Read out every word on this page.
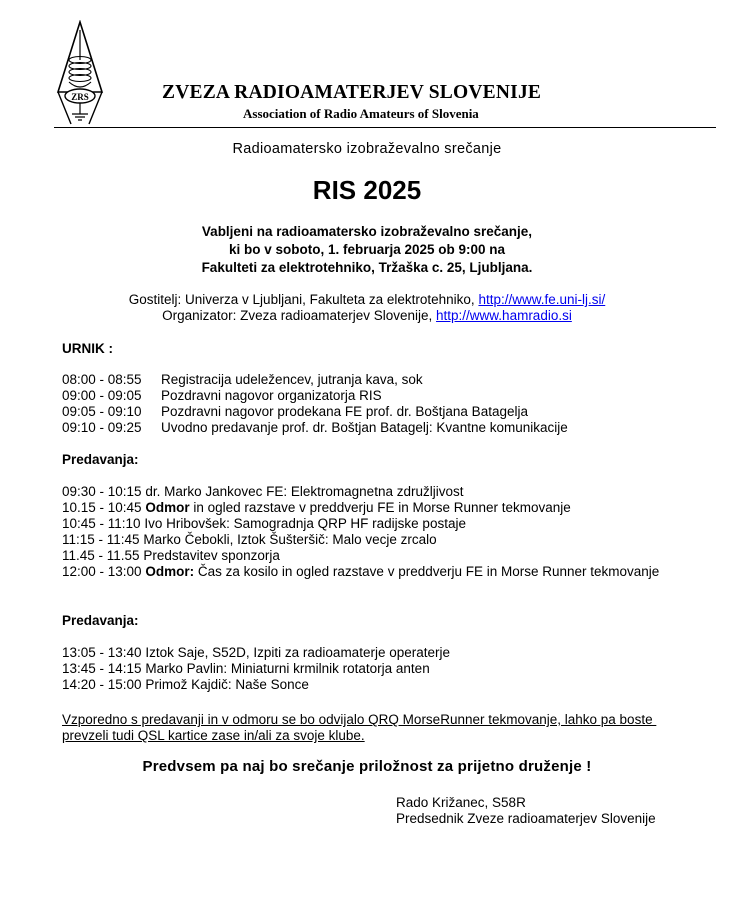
ZRS	ZVEZA RADIOAMATERJEV SLOVENIJE
Association of Radio Amateurs of Slovenia
Radioamatersko izobraževalno srečanje
RIS 2025
Vabljeni na radioamatersko izobraževalno srečanje,
ki bo v soboto, 1. februarja 2025 ob 9:00 na
Fakulteti za elektrotehniko, Tržaška c. 25, Ljubljana.
Gostitelj: Univerza v Ljubljani, Fakulteta za elektrotehniko, http://www.fe.uni-lj.si/
Organizator: Zveza radioamaterjev Slovenije, http://www.hamradio.si
URNIK :
08:00 - 08:55 Registracija udeležencev, jutranja kava, sok
09:00 - 09:05 Pozdravni nagovor organizatorja RIS
09:05 - 09:10 Pozdravni nagovor prodekana FE prof. dr. Boštjana Batagelja
09:10 - 09:25 Uvodno predavanje prof. dr. Boštjan Batagelj: Kvantne komunikacije
Predavanja:
09:30 - 10:15 dr. Marko Jankovec FE: Elektromagnetna združljivost
10.15 - 10:45 Odmor in ogled razstave v preddverju FE in Morse Runner tekmovanje
10:45 - 11:10 Ivo Hribovšek: Samogradnja QRP HF radijske postaje
11:15 - 11:45 Marko Čebokli, Iztok Šušteršič: Malo vecje zrcalo
11.45 - 11.55 Predstavitev sponzorja
12:00 - 13:00 Odmor: Čas za kosilo in ogled razstave v preddverju FE in Morse Runner tekmovanje
Predavanja:
13:05 - 13:40 Iztok Saje, S52D, Izpiti za radioamaterje operaterje
13:45 - 14:15 Marko Pavlin: Miniaturni krmilnik rotatorja anten
14:20 - 15:00 Primož Kajdič: Naše Sonce
Vzporedno s predavanji in v odmoru se bo odvijalo QRQ MorseRunner tekmovanje, lahko pa boste
prevzeli tudi QSL kartice zase in/ali za svoje klube.
Predvsem pa naj bo srečanje priložnost za prijetno druženje !
Rado Križanec, S58R
Predsednik Zveze radioamaterjev Slovenije
